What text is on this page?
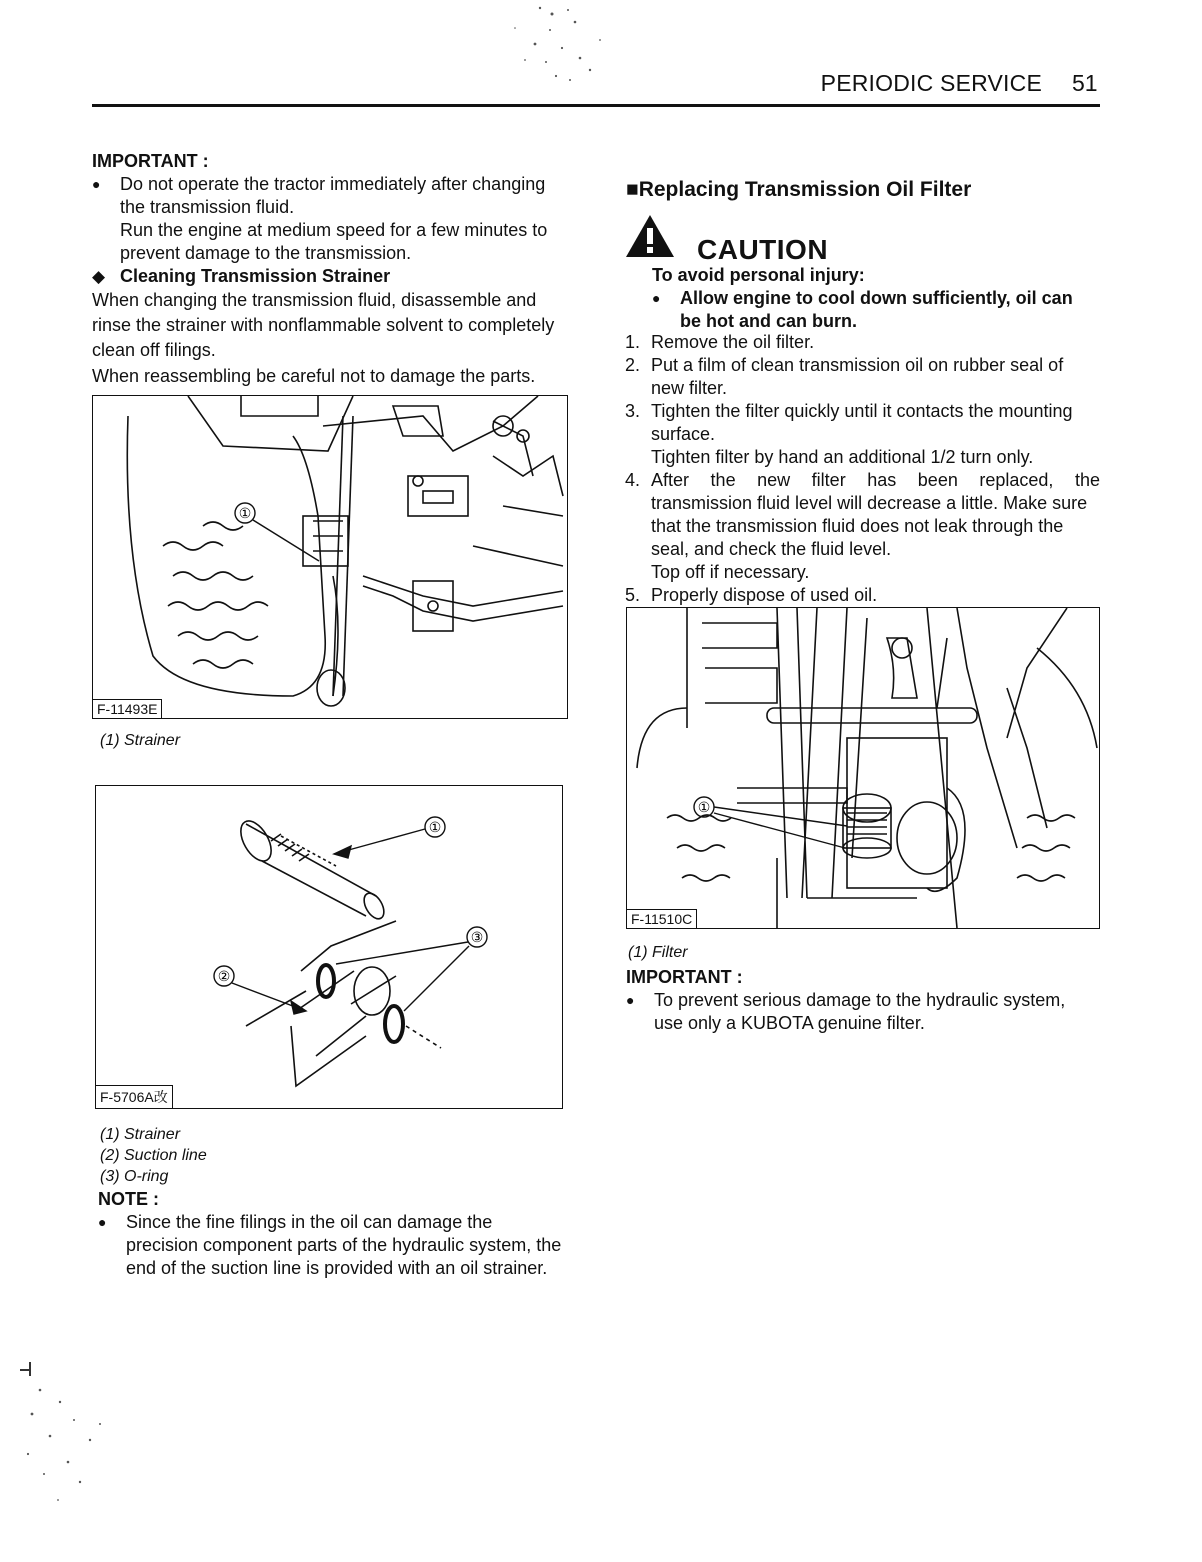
PERIODIC SERVICE 51
IMPORTANT :
●	Do not operate the tractor immediately after changing
the transmission fluid.
Run the engine at medium speed for a few minutes to
prevent damage to the transmission.
◆ Cleaning Transmission Strainer
When changing the transmission fluid, disassemble and
rinse the strainer with nonflammable solvent to completely
clean off filings.
When reassembling be careful not to damage the parts.
①
F-11493E
(1) Strainer
①
②
③
F-5706A改
(1) Strainer
(2) Suction line
(3) O-ring
NOTE :
●	Since the fine filings in the oil can damage the
precision component parts of the hydraulic system, the
end of the suction line is provided with an oil strainer.
■Replacing Transmission Oil Filter
CAUTION
To avoid personal injury:
●	Allow engine to cool down sufficiently, oil can
be hot and can burn.
1. Remove the oil filter.
2. Put a film of clean transmission oil on rubber seal of
new filter.
3. Tighten the filter quickly until it contacts the mounting
surface.
Tighten filter by hand an additional 1/2 turn only.
4. After the new filter has been replaced, the
transmission fluid level will decrease a little. Make sure
that the transmission fluid does not leak through the
seal, and check the fluid level.
Top off if necessary.
5. Properly dispose of used oil.
①
F-11510C
(1) Filter
IMPORTANT :
●	To prevent serious damage to the hydraulic system,
use only a KUBOTA genuine filter.
